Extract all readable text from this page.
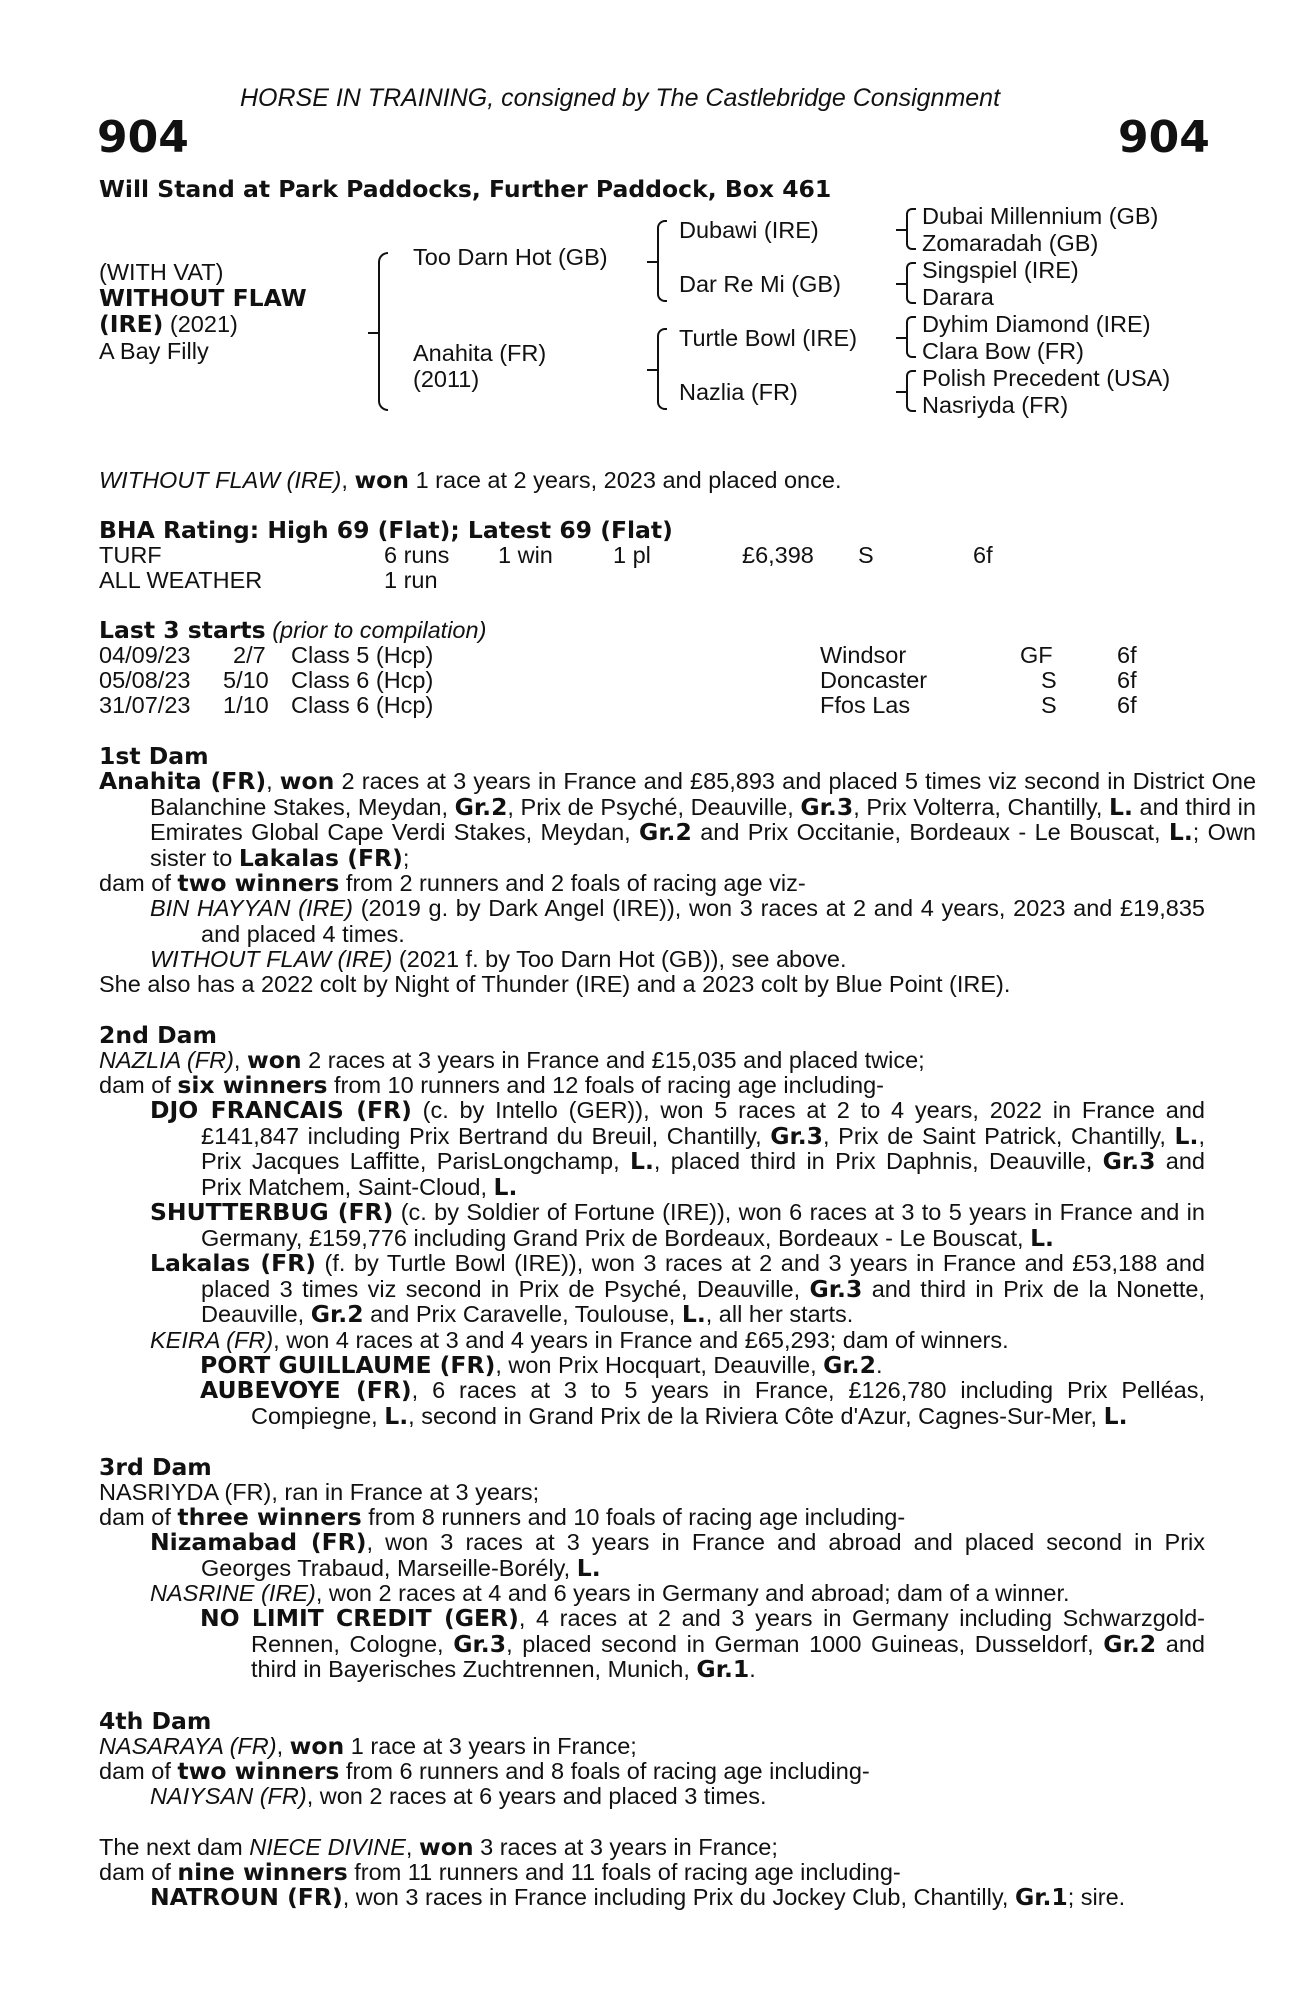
HORSE IN TRAINING, consigned by The Castlebridge Consignment
904	904
Will Stand at Park Paddocks, Further Paddock, Box 461
(WITH VAT)
WITHOUT FLAW
(IRE) (2021)
A Bay Filly
Too Darn Hot (GB)
Anahita (FR)
(2011)
Dubawi (IRE)
Dar Re Mi (GB)
Turtle Bowl (IRE)
Nazlia (FR)
Dubai Millennium (GB)
Zomaradah (GB)
Singspiel (IRE)
Darara
Dyhim Diamond (IRE)
Clara Bow (FR)
Polish Precedent (USA)
Nasriyda (FR)
WITHOUT FLAW (IRE), won 1 race at 2 years, 2023 and placed once.
BHA Rating: High 69 (Flat); Latest 69 (Flat)
TURF	6 runs 1 win	1 pl	£6,398 S	6f
ALL WEATHER	1 run
Last 3 starts (prior to compilation)
04/09/23 2/7 Class 5 (Hcp)	Windsor	GF	6f
05/08/23 5/10 Class 6 (Hcp)	Doncaster	S	6f
31/07/23 1/10 Class 6 (Hcp)	Ffos Las	S	6f
1st Dam
Anahita (FR), won 2 races at 3 years in France and £85,893 and placed 5 times viz second in District One Balanchine Stakes, Meydan, Gr.2, Prix de Psyché, Deauville, Gr.3, Prix Volterra, Chantilly, L. and third in Emirates Global Cape Verdi Stakes, Meydan, Gr.2 and Prix Occitanie, Bordeaux - Le Bouscat, L.; Own sister to Lakalas (FR);
dam of two winners from 2 runners and 2 foals of racing age viz-
BIN HAYYAN (IRE) (2019 g. by Dark Angel (IRE)), won 3 races at 2 and 4 years, 2023 and £19,835 and placed 4 times.
WITHOUT FLAW (IRE) (2021 f. by Too Darn Hot (GB)), see above.
She also has a 2022 colt by Night of Thunder (IRE) and a 2023 colt by Blue Point (IRE).
2nd Dam
NAZLIA (FR), won 2 races at 3 years in France and £15,035 and placed twice;
dam of six winners from 10 runners and 12 foals of racing age including-
DJO FRANCAIS (FR) (c. by Intello (GER)), won 5 races at 2 to 4 years, 2022 in France and £141,847 including Prix Bertrand du Breuil, Chantilly, Gr.3, Prix de Saint Patrick, Chantilly, L., Prix Jacques Laffitte, ParisLongchamp, L., placed third in Prix Daphnis, Deauville, Gr.3 and Prix Matchem, Saint-Cloud, L.
SHUTTERBUG (FR) (c. by Soldier of Fortune (IRE)), won 6 races at 3 to 5 years in France and in Germany, £159,776 including Grand Prix de Bordeaux, Bordeaux - Le Bouscat, L.
Lakalas (FR) (f. by Turtle Bowl (IRE)), won 3 races at 2 and 3 years in France and £53,188 and placed 3 times viz second in Prix de Psyché, Deauville, Gr.3 and third in Prix de la Nonette, Deauville, Gr.2 and Prix Caravelle, Toulouse, L., all her starts.
KEIRA (FR), won 4 races at 3 and 4 years in France and £65,293; dam of winners.
PORT GUILLAUME (FR), won Prix Hocquart, Deauville, Gr.2.
AUBEVOYE (FR), 6 races at 3 to 5 years in France, £126,780 including Prix Pelléas, Compiegne, L., second in Grand Prix de la Riviera Côte d'Azur, Cagnes-Sur-Mer, L.
3rd Dam
NASRIYDA (FR), ran in France at 3 years;
dam of three winners from 8 runners and 10 foals of racing age including-
Nizamabad (FR), won 3 races at 3 years in France and abroad and placed second in Prix Georges Trabaud, Marseille-Borély, L.
NASRINE (IRE), won 2 races at 4 and 6 years in Germany and abroad; dam of a winner.
NO LIMIT CREDIT (GER), 4 races at 2 and 3 years in Germany including Schwarzgold-Rennen, Cologne, Gr.3, placed second in German 1000 Guineas, Dusseldorf, Gr.2 and third in Bayerisches Zuchtrennen, Munich, Gr.1.
4th Dam
NASARAYA (FR), won 1 race at 3 years in France;
dam of two winners from 6 runners and 8 foals of racing age including-
NAIYSAN (FR), won 2 races at 6 years and placed 3 times.
The next dam NIECE DIVINE, won 3 races at 3 years in France;
dam of nine winners from 11 runners and 11 foals of racing age including-
NATROUN (FR), won 3 races in France including Prix du Jockey Club, Chantilly, Gr.1; sire.
